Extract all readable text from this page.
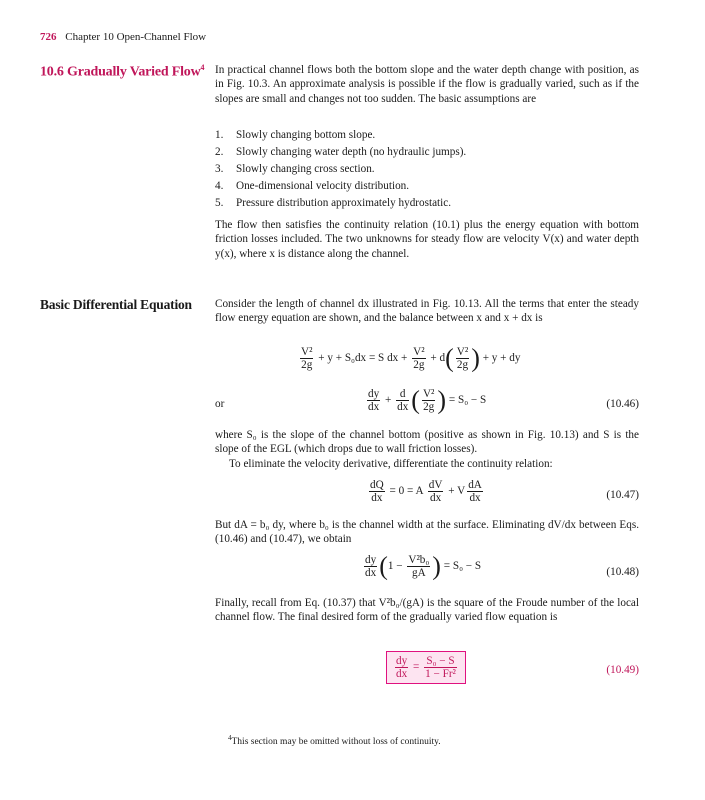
726 Chapter 10 Open-Channel Flow
10.6 Gradually Varied Flow$^4$ In practical channel flows both the bottom slope and the water depth change with position, as in Fig. 10.3. An approximate analysis is possible if the flow is gradually varied, such as if the slopes are small and changes not too sudden. The basic assumptions are
1. Slowly changing bottom slope.
2. Slowly changing water depth (no hydraulic jumps).
3. Slowly changing cross section.
4. One-dimensional velocity distribution.
5. Pressure distribution approximately hydrostatic.
The flow then satisfies the continuity relation (10.1) plus the energy equation with bottom friction losses included. The two unknowns for steady flow are velocity V(x) and water depth y(x), where x is distance along the channel.
Basic Differential Equation Consider the length of channel dx illustrated in Fig. 10.13. All the terms that enter the steady flow energy equation are shown, and the balance between x and x + dx is
$\frac{\text{V²}}{2g} + y + S_0dx = S$ dx + $\frac{\text{V²}}{2g} + d( \frac{\text{V²}}{2g}$ ) + y + dy
or	$\frac{dy}{dx} + \frac{d}{dx}$ ( $\frac{\text{V²}}{2g}$ ) = S₀ − S	(10.46)
where S₀ is the slope of the channel bottom (positive as shown in Fig. 10.13) and S is the slope of the EGL (which drops due to wall friction losses).
To eliminate the velocity derivative, differentiate the continuity relation:
$\frac{dQ}{dx} = 0 = A \frac{dV}{dx} + V \frac{dA}{dx}$	(10.47)
But dA = b₀ dy, where b₀ is the channel width at the surface. Eliminating dV/dx between Eqs. (10.46) and (10.47), we obtain
$\frac{dy}{dx} (1 - \frac{\text{V²b₀}}{gA}$ ) = S₀ − S	(10.48)
Finally, recall from Eq. (10.37) that V²b₀/(gA) is the square of the Froude number of the local channel flow. The final desired form of the gradually varied flow equation is
$\frac{dy}{dx} = \frac{\text{S₀ − S}}{\text{1 − Fr²}}$	(10.49)
$^4$This section may be omitted without loss of continuity.
